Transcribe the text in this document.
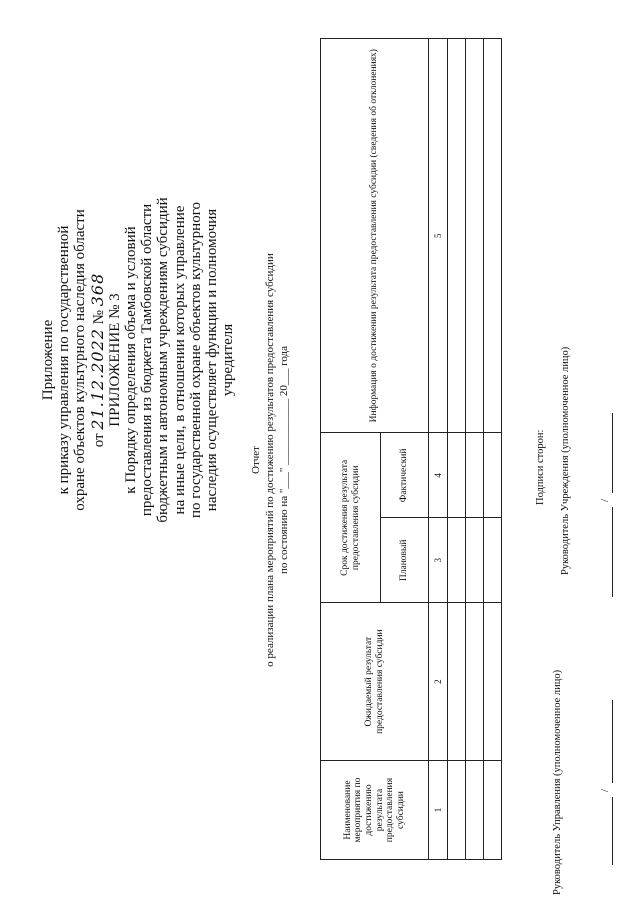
Приложение к приказу управления по государственной охране объектов культурного наследия области от 21.12.2022 № 368
ПРИЛОЖЕНИЕ № 3 к Порядку определения объема и условий предоставления из бюджета Тамбовской области бюджетным и автономным учреждениям субсидий на иные цели, в отношении которых управление по государственной охране объектов культурного наследия осуществляет функции и полномочия учредителя
Отчет о реализации плана мероприятий по достижению результатов предоставления субсидии по состоянию на "___" ____________ 20___ года
Наименование мероприятия по достижению результата предоставления субсидии	Ожидаемый результат предоставления субсидии	Срок достижения результата предоставления субсидии		Информация о достижении результата предоставления субсидии (сведения об отклонениях)
		Плановый	Фактический	
1	2	3	4	5

Подписи сторон:
Руководитель Управления (уполномоченное лицо)
Руководитель Учреждения (уполномоченное лицо)
/
/
